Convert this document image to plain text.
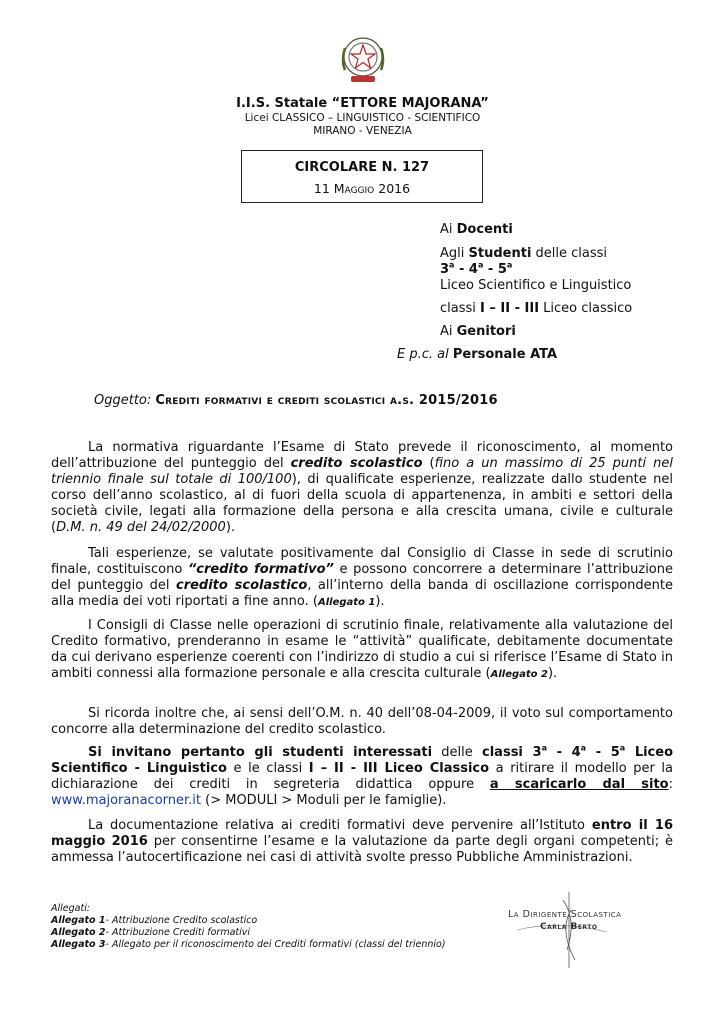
I.I.S. Statale “ETTORE MAJORANA”
Licei CLASSICO – LINGUISTICO - SCIENTIFICO
MIRANO - VENEZIA
CIRCOLARE N. 127
11 Maggio 2016
Ai Docenti
Agli Studenti delle classi
3$^a$ - 4$^a$ - 5$^a$
Liceo Scientifico e Linguistico
classi I – II - III Liceo classico
Ai Genitori
E p.c. al Personale ATA
Oggetto: Crediti formativi e crediti scolastici a.s. 2015/2016
La normativa riguardante l’Esame di Stato prevede il riconoscimento, al momento dell’attribuzione del punteggio del credito scolastico (fino a un massimo di 25 punti nel triennio finale sul totale di 100/100), di qualificate esperienze, realizzate dallo studente nel corso dell’anno scolastico, al di fuori della scuola di appartenenza, in ambiti e settori della società civile, legati alla formazione della persona e alla crescita umana, civile e culturale (D.M. n. 49 del 24/02/2000).
Tali esperienze, se valutate positivamente dal Consiglio di Classe in sede di scrutinio finale, costituiscono “credito formativo” e possono concorrere a determinare l’attribuzione del punteggio del credito scolastico, all’interno della banda di oscillazione corrispondente alla media dei voti riportati a fine anno. (Allegato 1).
I Consigli di Classe nelle operazioni di scrutinio finale, relativamente alla valutazione del Credito formativo, prenderanno in esame le “attività” qualificate, debitamente documentate da cui derivano esperienze coerenti con l’indirizzo di studio a cui si riferisce l’Esame di Stato in ambiti connessi alla formazione personale e alla crescita culturale (Allegato 2).
Si ricorda inoltre che, ai sensi dell’O.M. n. 40 dell’08-04-2009, il voto sul comportamento concorre alla determinazione del credito scolastico.
Si invitano pertanto gli studenti interessati delle classi 3$^a$ - 4$^a$ - 5$^a$ Liceo Scientifico - Linguistico e le classi I – II - III Liceo Classico a ritirare il modello per la dichiarazione dei crediti in segreteria didattica oppure a scaricarlo dal sito: www.majoranacorner.it (> MODULI > Moduli per le famiglie).
La documentazione relativa ai crediti formativi deve pervenire all’Istituto entro il 16 maggio 2016 per consentirne l’esame e la valutazione da parte degli organi competenti; è ammessa l’autocertificazione nei casi di attività svolte presso Pubbliche Amministrazioni.
Allegati:
Allegato 1- Attribuzione Credito scolastico
Allegato 2- Attribuzione Crediti formativi
Allegato 3- Allegato per il riconoscimento dei Crediti formativi (classi del triennio)
La Dirigente Scolastica
Carla Berto
